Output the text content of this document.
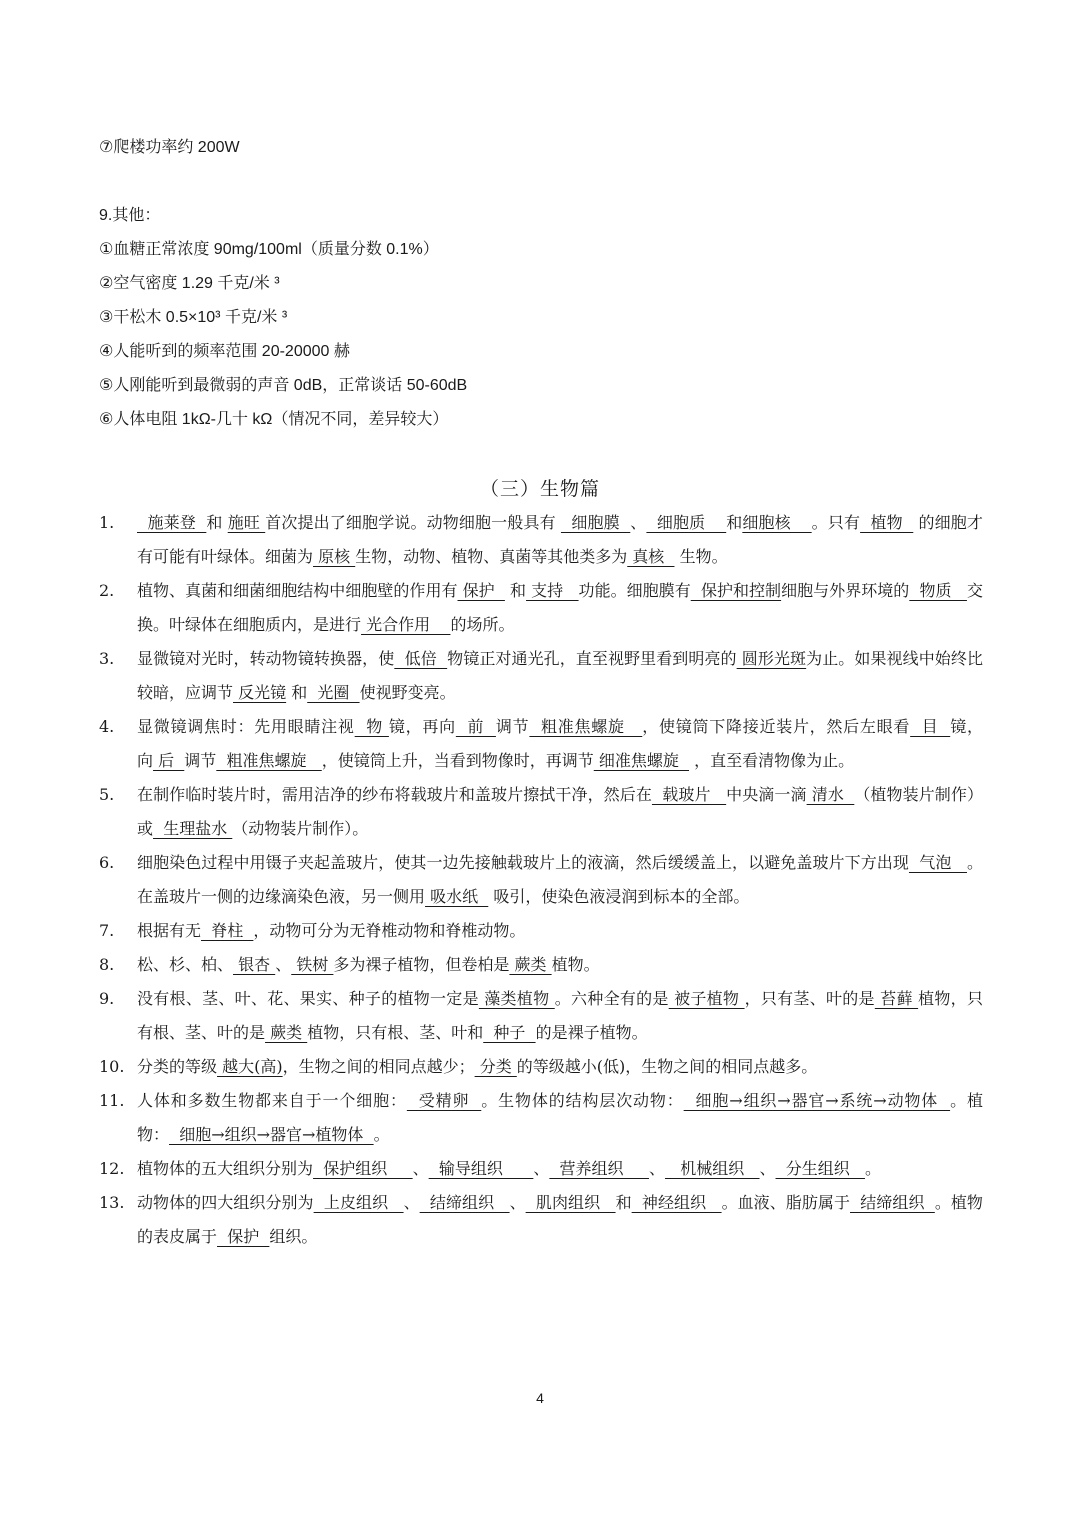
⑦爬楼功率约 200W
9.其他：
①血糖正常浓度 90mg/100ml（质量分数 0.1%）
②空气密度 1.29 千克/米 ³
③干松木 0.5×10³ 千克/米 ³
④人能听到的频率范围 20-20000 赫
⑤人刚能听到最微弱的声音 0dB，正常谈话 50-60dB
⑥人体电阻 1kΩ-几十 kΩ（情况不同，差异较大）
（三）生物篇

1. 施莱登  和 施旺 首次提出了细胞学说。动物细胞一般具有   细胞膜  、  细胞质    和细胞核    。只有  植物   的细胞才有可能有叶绿体。细菌为 原核 生物，动物、植物、真菌等其他类多为 真核   生物。

2. 植物、真菌和细菌细胞结构中细胞壁的作用有 保护   和 支持   功能。细胞膜有  保护和控制细胞与外界环境的  物质   交换。叶绿体在细胞质内，是进行 光合作用    的场所。

3. 显微镜对光时，转动物镜转换器，使  低倍  物镜正对通光孔，直至视野里看到明亮的 圆形光斑为止。如果视线中始终比较暗，应调节 反光镜 和  光圈  使视野变亮。

4. 显微镜调焦时：先用眼睛注视  物 镜，再向  前  调节  粗准焦螺旋   ，使镜筒下降接近装片，然后左眼看  目  镜，向 后  调节  粗准焦螺旋   ，使镜筒上升，当看到物像时，再调节 细准焦螺旋   ，直至看清物像为止。

5. 在制作临时装片时，需用洁净的纱布将载玻片和盖玻片擦拭干净，然后在  载玻片   中央滴一滴 清水  （植物装片制作）或  生理盐水 （动物装片制作）。

6. 细胞染色过程中用镊子夹起盖玻片，使其一边先接触载玻片上的液滴，然后缓缓盖上，以避免盖玻片下方出现  气泡   。在盖玻片一侧的边缘滴染色液，另一侧用 吸水纸   吸引，使染色液浸润到标本的全部。

7. 根据有无  脊柱  ，动物可分为无脊椎动物和脊椎动物。

8. 松、杉、柏、 银杏 、 铁树 多为裸子植物，但卷柏是 蕨类 植物。

9. 没有根、茎、叶、花、果实、种子的植物一定是 藻类植物 。六种全有的是 被子植物 ，只有茎、叶的是 苔藓 植物，只有根、茎、叶的是 蕨类 植物，只有根、茎、叶和  种子  的是裸子植物。

10. 分类的等级 越大(高)，生物之间的相同点越少； 分类 的等级越小(低)，生物之间的相同点越多。

11. 人体和多数生物都来自于一个细胞：  受精卵  。生物体的结构层次动物：  细胞→组织→器官→系统→动物体  。植物：  细胞→组织→器官→植物体  。

12. 植物体的五大组织分别为  保护组织     、  输导组织      、  营养组织     、   机械组织   、  分生组织   。

13. 动物体的四大组织分别为  上皮组织   、  结缔组织   、  肌肉组织   和  神经组织   。血液、脂肪属于  结缔组织  。植物的表皮属于  保护  组织。

4
